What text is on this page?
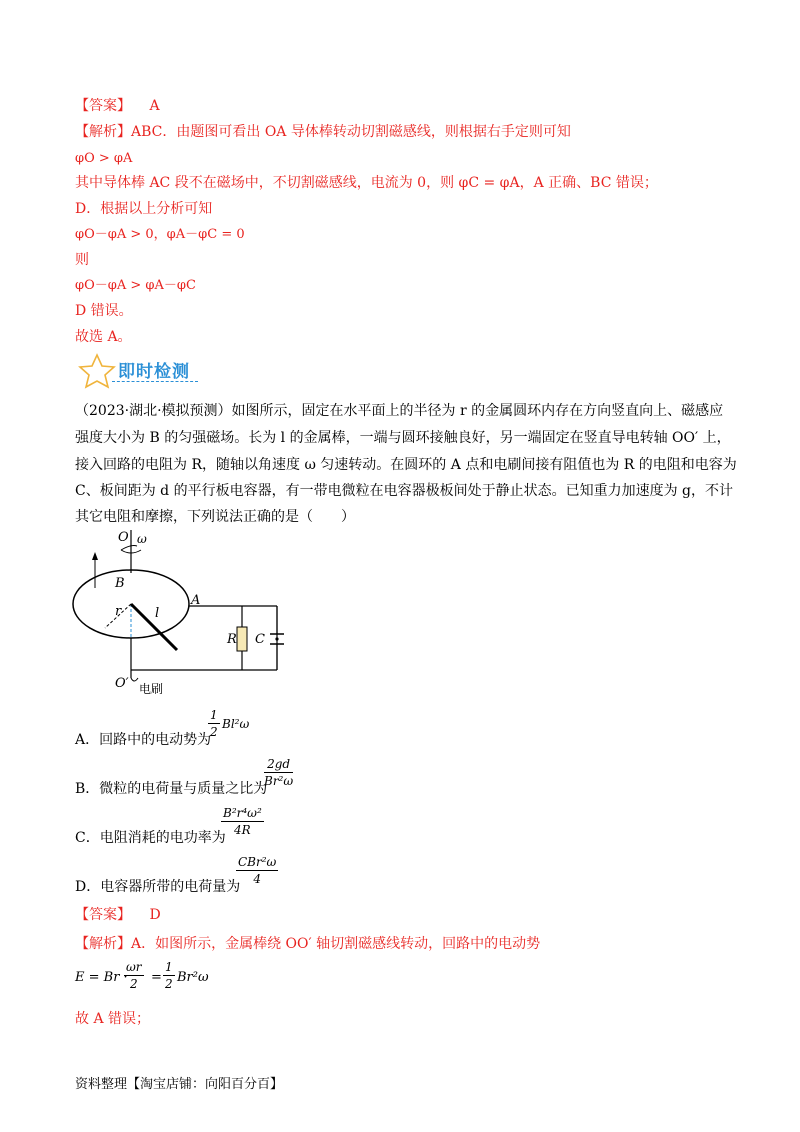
【答案】 A
【解析】ABC．由题图可看出 OA 导体棒转动切割磁感线，则根据右手定则可知
φO > φA
其中导体棒 AC 段不在磁场中，不切割磁感线，电流为 0，则 φC = φA，A 正确、BC 错误；
D．根据以上分析可知
φO－φA > 0，φA－φC = 0
则
φO－φA > φA－φC
D 错误。
故选 A。
即时检测
（2023·湖北·模拟预测）如图所示，固定在水平面上的半径为 r 的金属圆环内存在方向竖直向上、磁感应
强度大小为 B 的匀强磁场。长为 l 的金属棒，一端与圆环接触良好，另一端固定在竖直导电转轴 OO′ 上，
接入回路的电阻为 R，随轴以角速度 ω 匀速转动。在圆环的 A 点和电刷间接有阻值也为 R 的电阻和电容为
C、板间距为 d 的平行板电容器，有一带电微粒在电容器极板间处于静止状态。已知重力加速度为 g，不计
其它电阻和摩擦，下列说法正确的是（　　）
O ω
B
r	l
A
R C
O′ 电刷
A．回路中的电动势为
$\frac{1}{2} Bl^2\omega$
B．微粒的电荷量与质量之比为
$\frac{2gd}{\text{Br²ω}}$
C．电阻消耗的电功率为
$\frac{\text{B²r⁴ω²}}{4R}$
D．电容器所带的电荷量为
CBr²ω
4
【答案】 D
【解析】A．如图所示，金属棒绕 OO′ 轴切割磁感线转动，回路中的电动势
E = Br ·
$\frac{\omega r}{2} = \frac{1}{2} Br^2\omega$
故 A 错误；
资料整理【淘宝店铺：向阳百分百】
